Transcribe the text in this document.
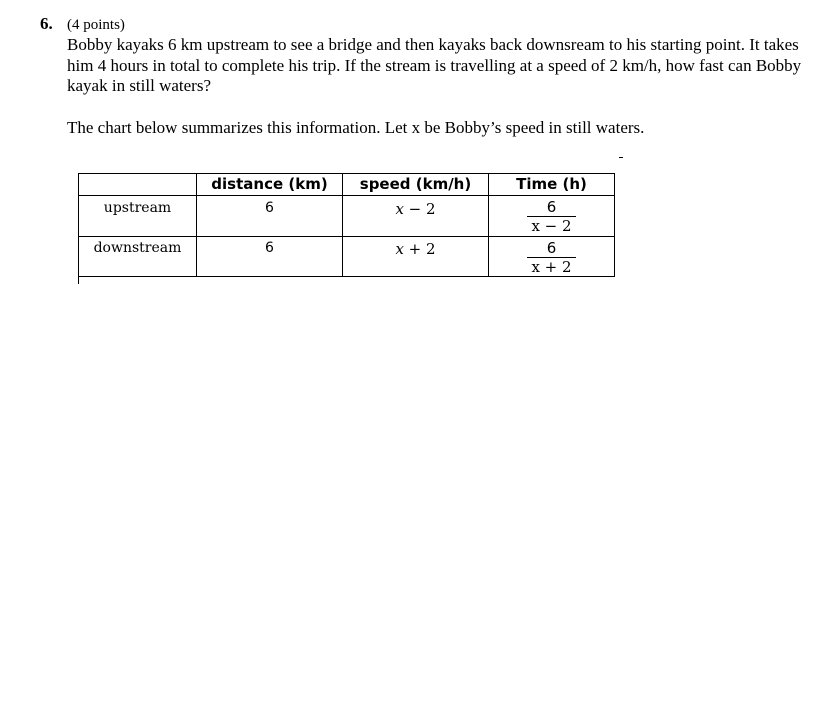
6. (4 points)
Bobby kayaks 6 km upstream to see a bridge and then kayaks back downsream to his starting point. It takes him 4 hours in total to complete his trip. If the stream is travelling at a speed of 2 km/h, how fast can Bobby kayak in still waters?
The chart below summarizes this information. Let x be Bobby’s speed in still waters.
	distance (km)	speed (km/h)	Time (h)

upstream	6	x − 2	$\frac{6}{x - 2}$

downstream	6	x + 2	$\frac{6}{x + 2}$
